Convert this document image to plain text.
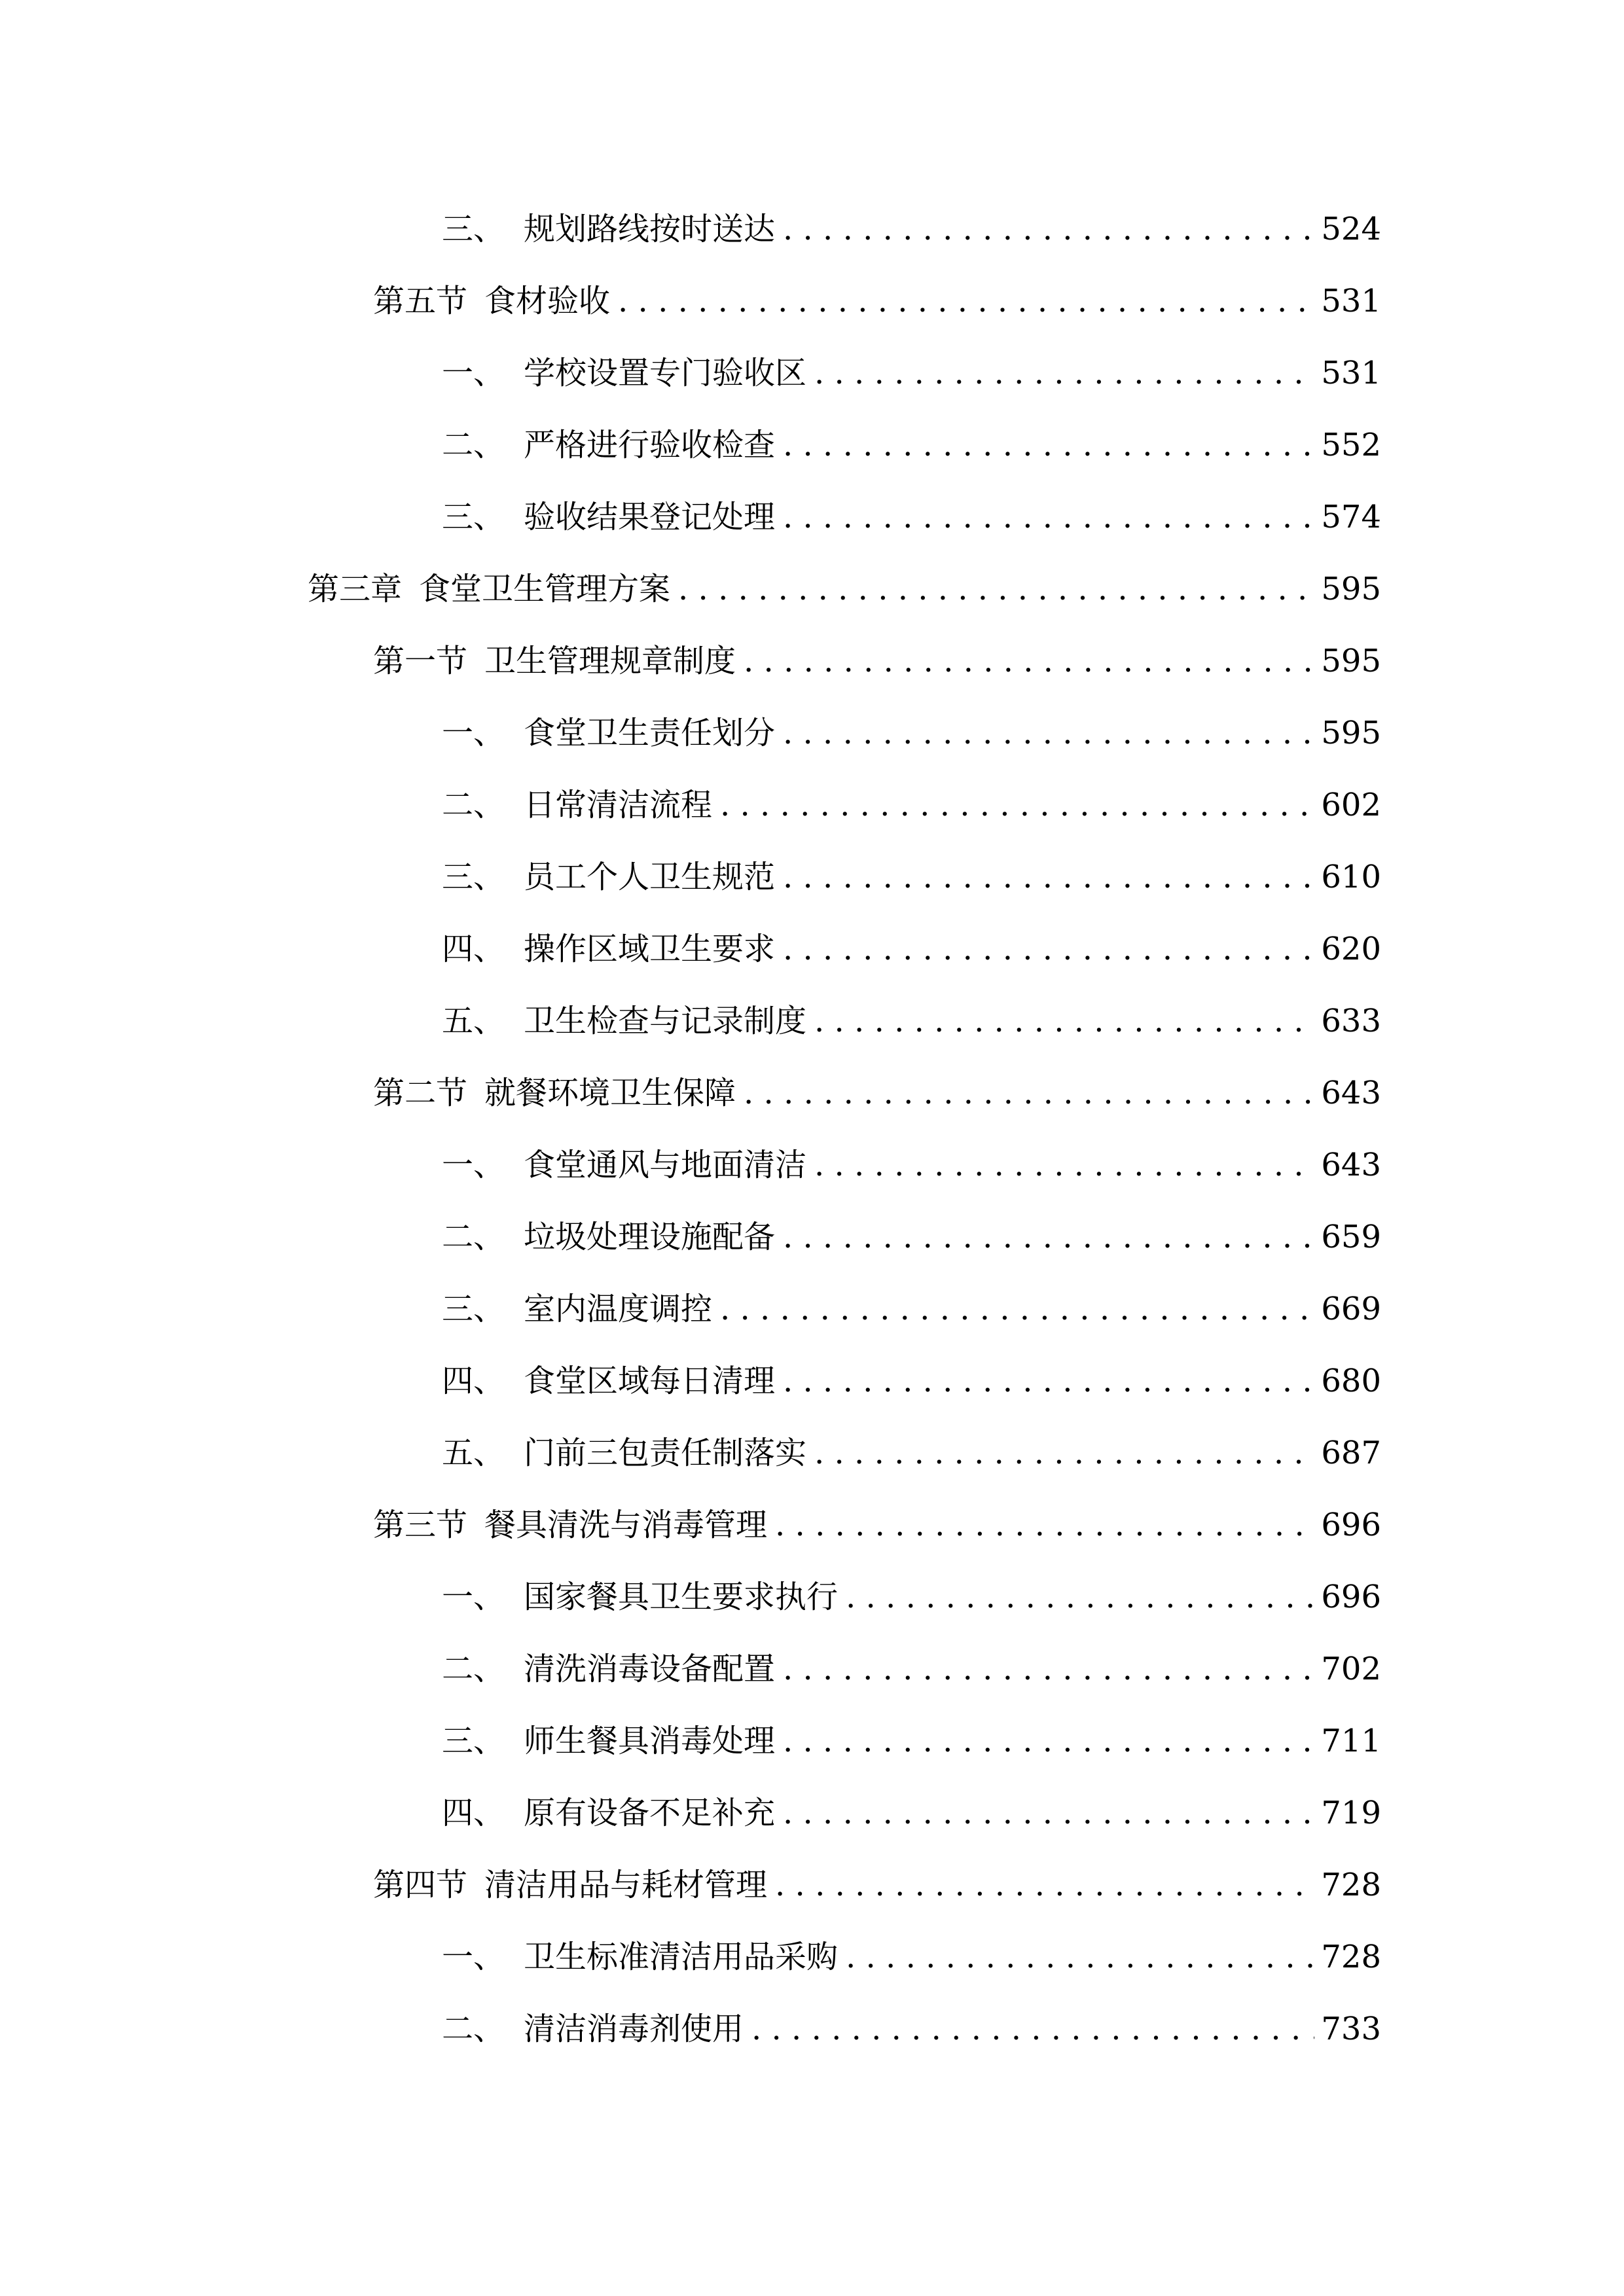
三、 规划路线按时送达 . . .	524
第五节 食材验收 . . .	531
一、 学校设置专门验收区 . . .	531
二、 严格进行验收检查 . . .	552
三、 验收结果登记处理 . . .	574
第三章 食堂卫生管理方案 . . .	595
第一节 卫生管理规章制度 . . .	595
一、 食堂卫生责任划分 . . .	595
二、 日常清洁流程 . . .	602
三、 员工个人卫生规范 . . .	610
四、 操作区域卫生要求 . . .	620
五、 卫生检查与记录制度 . . .	633
第二节 就餐环境卫生保障 . . .	643
一、 食堂通风与地面清洁 . . .	643
二、 垃圾处理设施配备 . . .	659
三、 室内温度调控 . . .	669
四、 食堂区域每日清理 . . .	680
五、 门前三包责任制落实 . . .	687
第三节 餐具清洗与消毒管理 . . .	696
一、 国家餐具卫生要求执行 . . .	696
二、 清洗消毒设备配置 . . .	702
三、 师生餐具消毒处理 . . .	711
四、 原有设备不足补充 . . .	719
第四节 清洁用品与耗材管理 . . .	728
一、 卫生标准清洁用品采购 . . .	728
二、 清洁消毒剂使用 . . .	733
